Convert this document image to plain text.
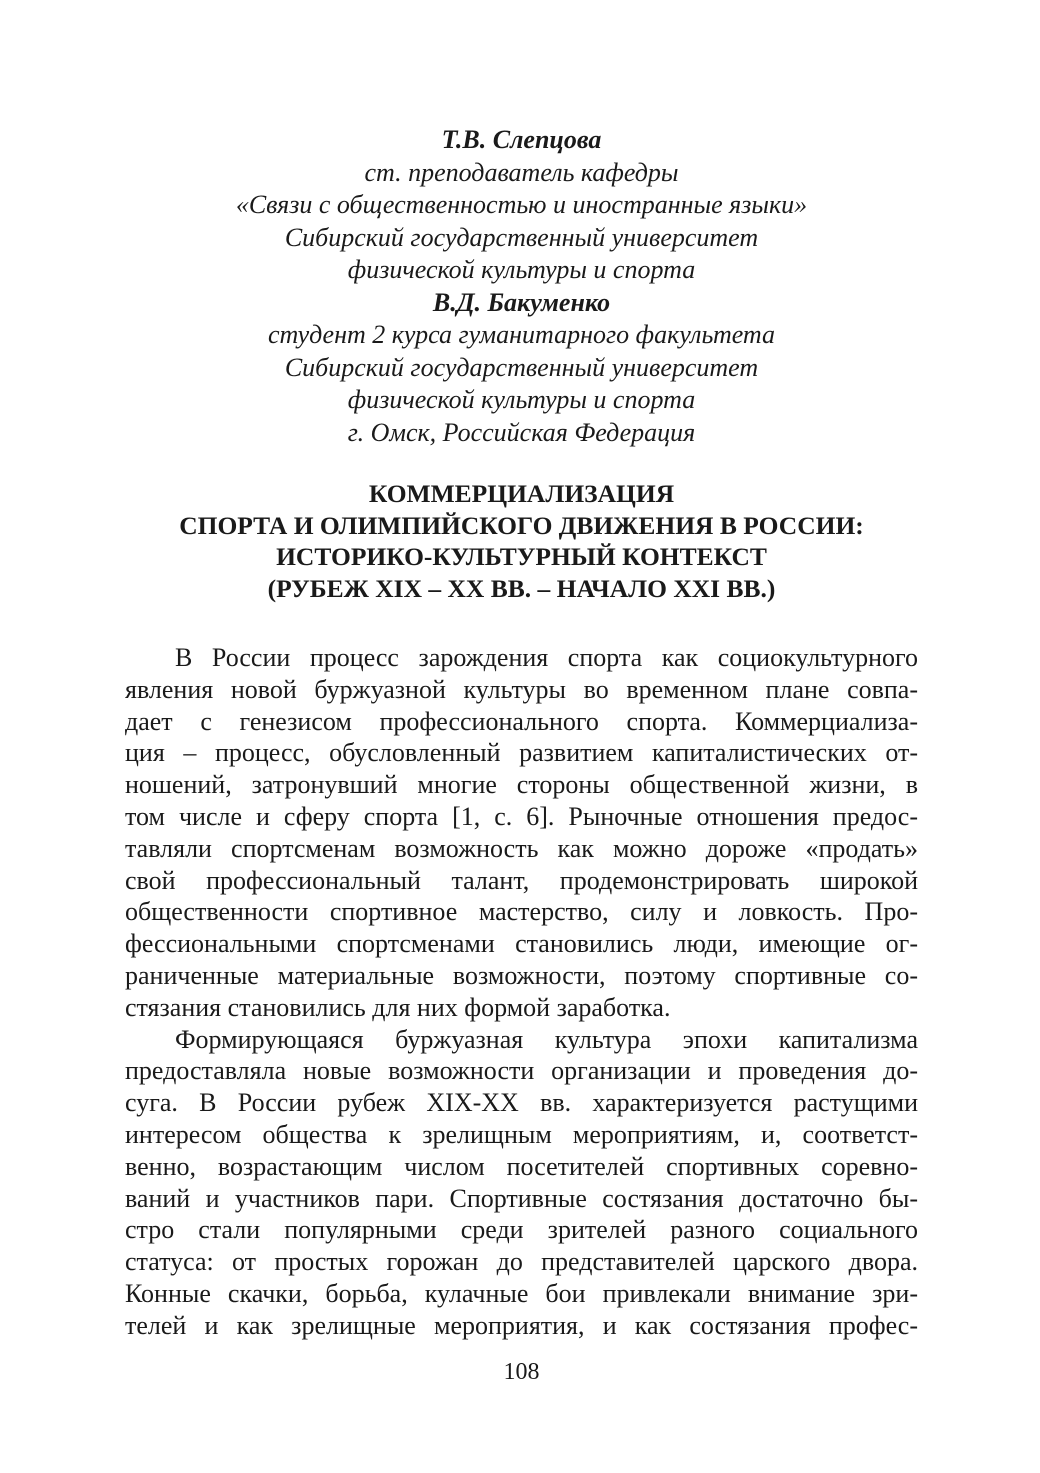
Т.В. Слепцова
ст. преподаватель кафедры
«Связи с общественностью и иностранные языки»
Сибирский государственный университет
физической культуры и спорта
В.Д. Бакуменко
студент 2 курса гуманитарного факультета
Сибирский государственный университет
физической культуры и спорта
г. Омск, Российская Федерация
КОММЕРЦИАЛИЗАЦИЯ
СПОРТА И ОЛИМПИЙСКОГО ДВИЖЕНИЯ В РОССИИ:
ИСТОРИКО-КУЛЬТУРНЫЙ КОНТЕКСТ
(РУБЕЖ XIX – XX ВВ. – НАЧАЛО XXI ВВ.)
В России процесс зарождения спорта как социокультурного
явления новой буржуазной культуры во временном плане совпа-
дает с генезисом профессионального спорта. Коммерциализа-
ция – процесс, обусловленный развитием капиталистических от-
ношений, затронувший многие стороны общественной жизни, в
том числе и сферу спорта [1, с. 6]. Рыночные отношения предос-
тавляли спортсменам возможность как можно дороже «продать»
свой профессиональный талант, продемонстрировать широкой
общественности спортивное мастерство, силу и ловкость. Про-
фессиональными спортсменами становились люди, имеющие ог-
раниченные материальные возможности, поэтому спортивные со-
стязания становились для них формой заработка.
Формирующаяся буржуазная культура эпохи капитализма
предоставляла новые возможности организации и проведения до-
суга. В России рубеж XIX-XX вв. характеризуется растущими
интересом общества к зрелищным мероприятиям, и, соответст-
венно, возрастающим числом посетителей спортивных соревно-
ваний и участников пари. Спортивные состязания достаточно бы-
стро стали популярными среди зрителей разного социального
статуса: от простых горожан до представителей царского двора.
Конные скачки, борьба, кулачные бои привлекали внимание зри-
телей и как зрелищные мероприятия, и как состязания профес-
108
